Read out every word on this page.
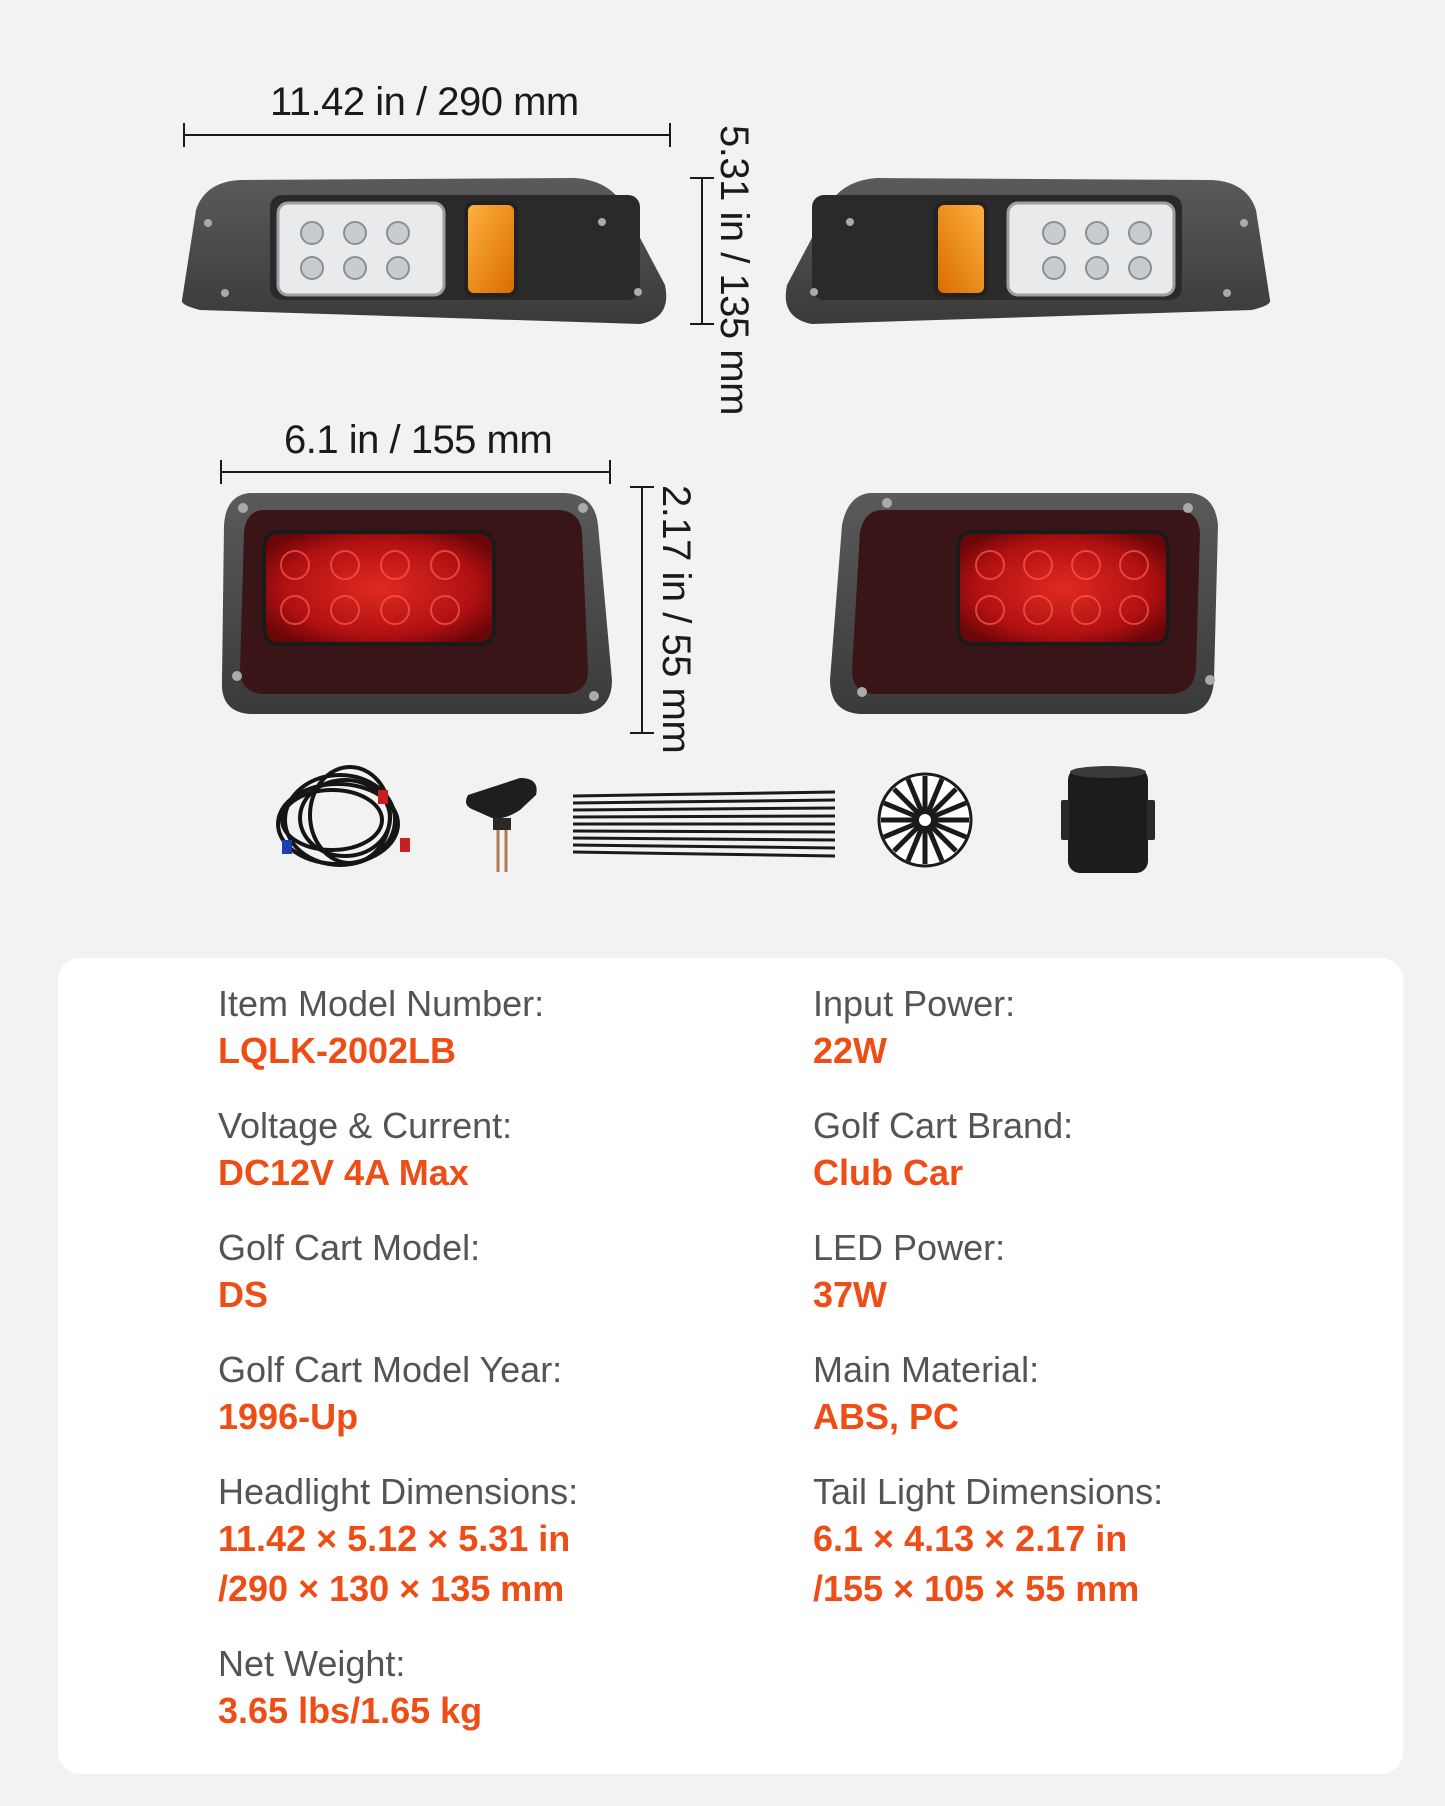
11.42 in / 290 mm
5.31 in / 135 mm
6.1 in / 155 mm
2.17 in / 55 mm
Item Model Number:
LQLK-2002LB
Voltage & Current:
DC12V 4A Max
Golf Cart Model:
DS
Golf Cart Model Year:
1996-Up
Headlight Dimensions:
11.42 × 5.12 × 5.31 in
/290 × 130 × 135 mm
Net Weight:
3.65 lbs/1.65 kg
Input Power:
22W
Golf Cart Brand:
Club Car
LED Power:
37W
Main Material:
ABS, PC
Tail Light Dimensions:
6.1 × 4.13 × 2.17 in
/155 × 105 × 55 mm
